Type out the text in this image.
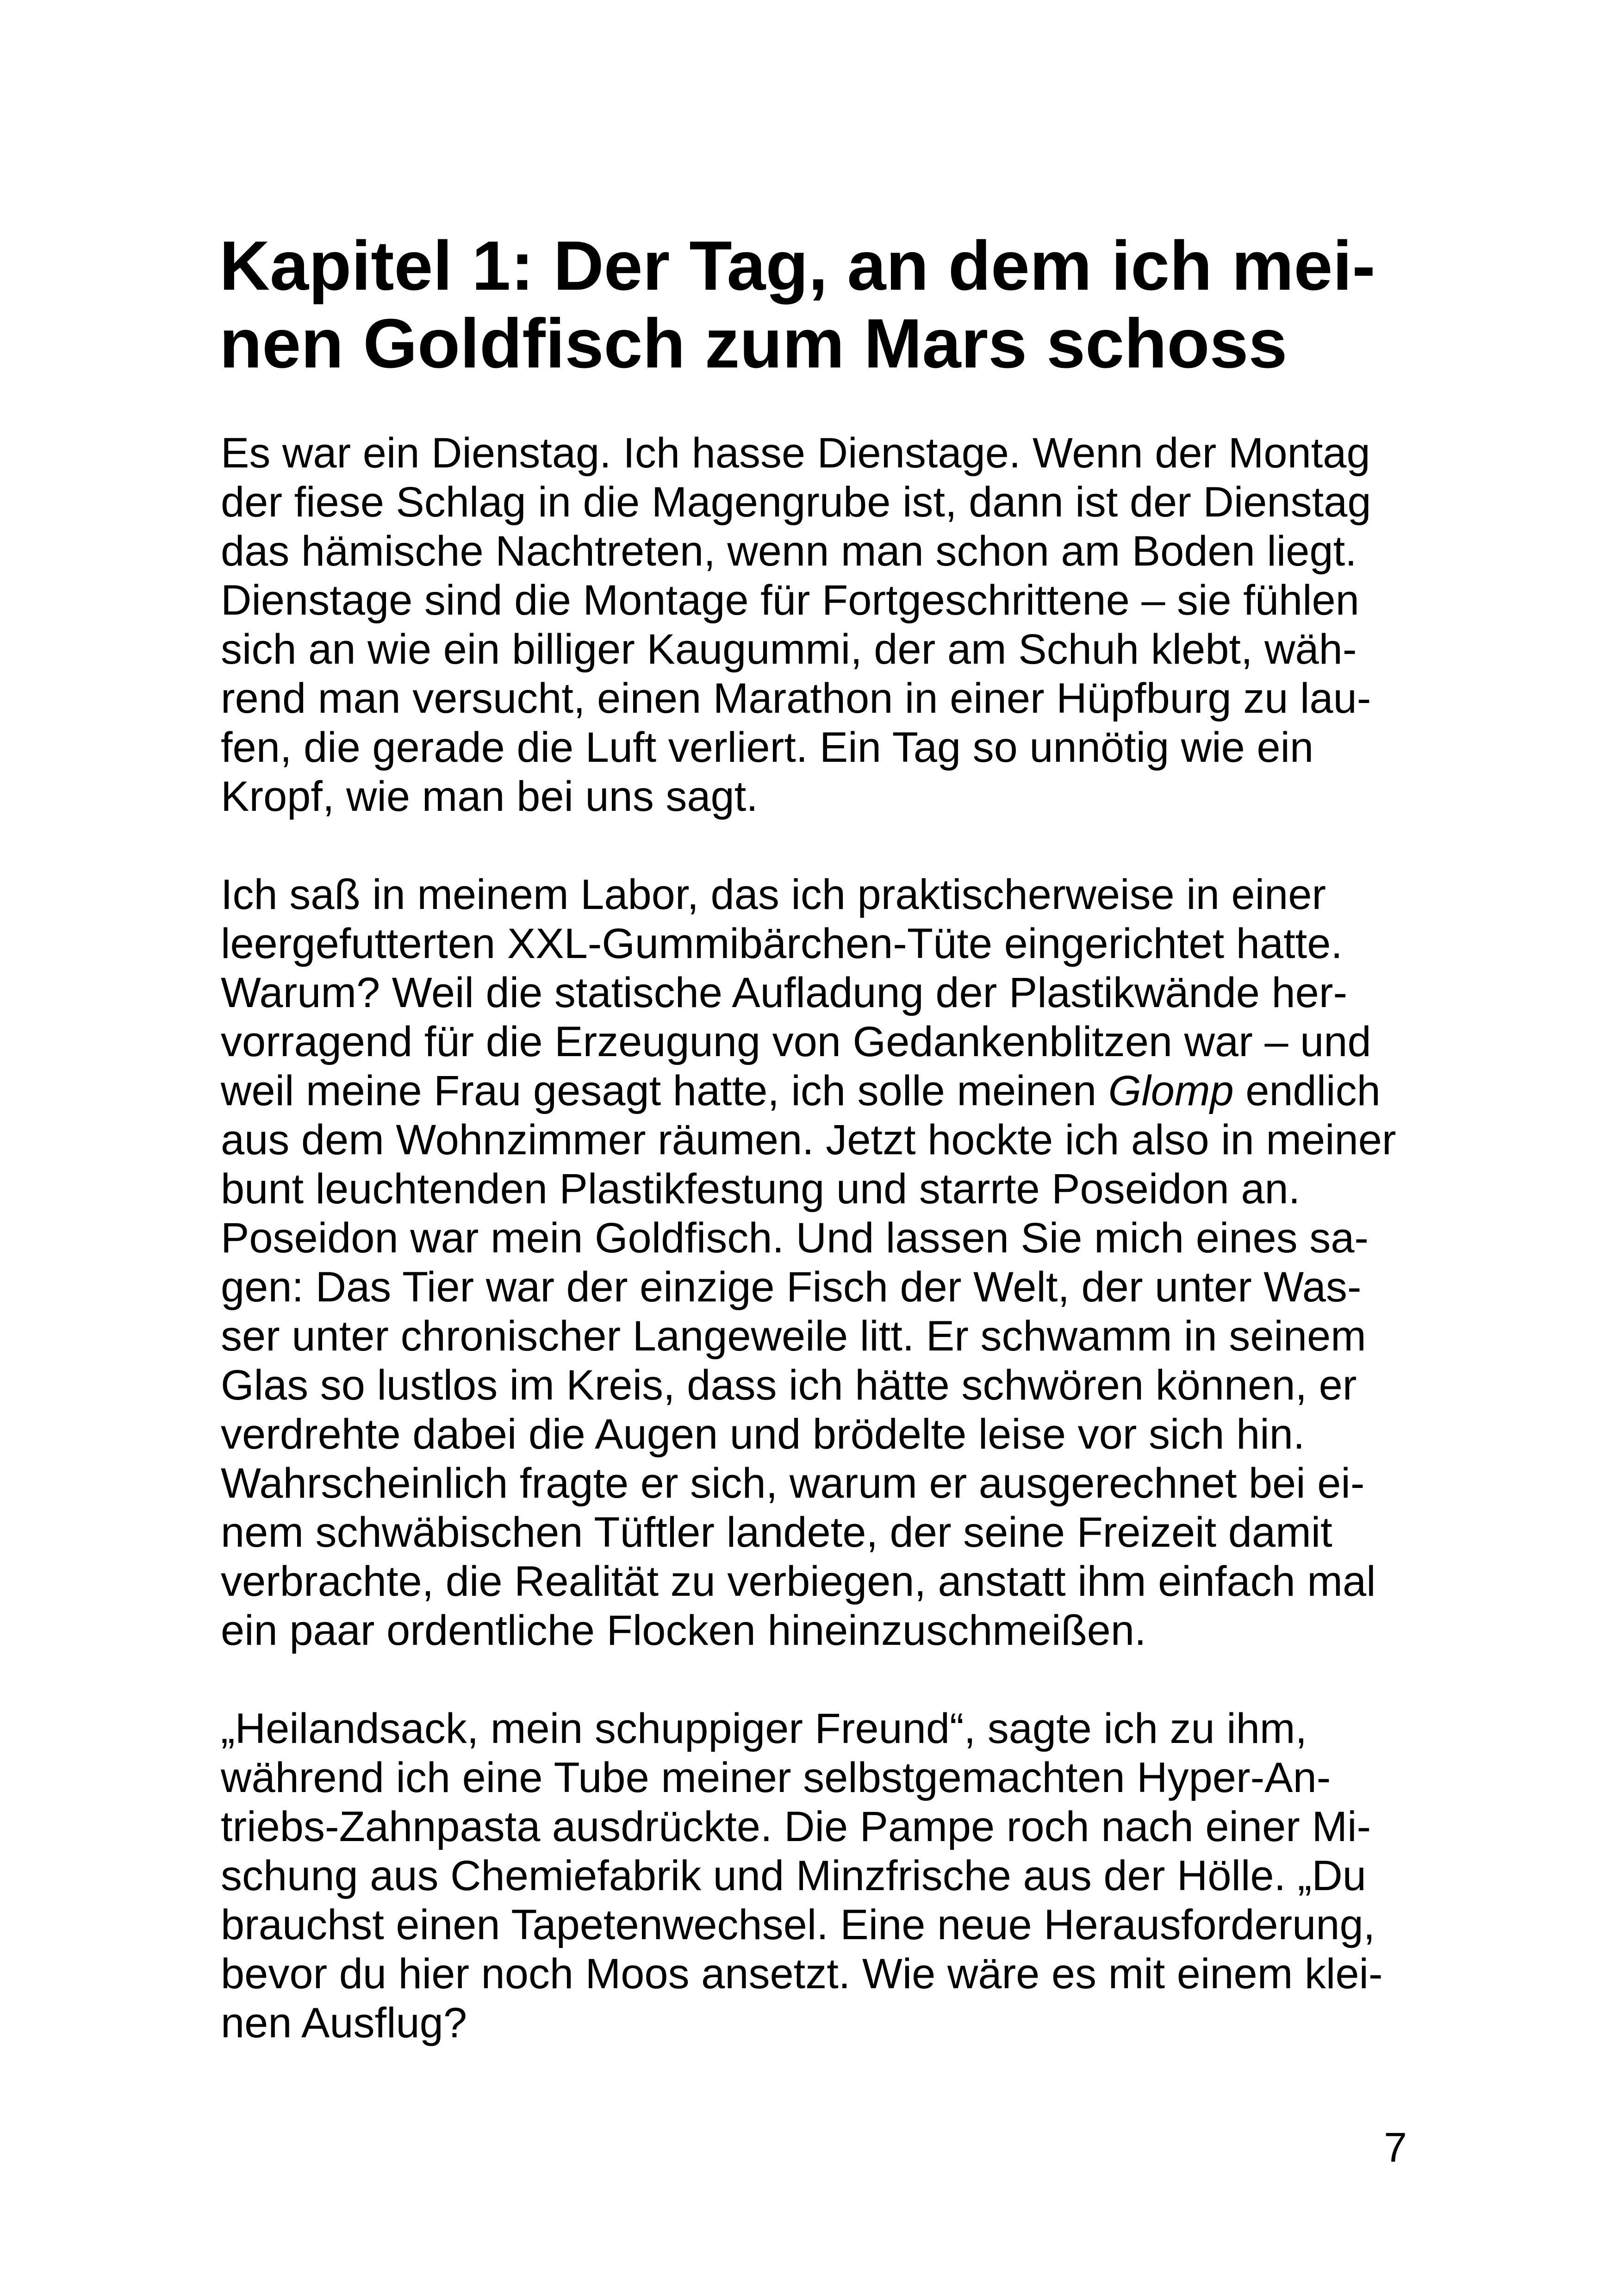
Kapitel 1: Der Tag, an dem ich mei-
nen Goldfisch zum Mars schoss

Es war ein Dienstag. Ich hasse Dienstage. Wenn der Montag
der fiese Schlag in die Magengrube ist, dann ist der Dienstag
das hämische Nachtreten, wenn man schon am Boden liegt.
Dienstage sind die Montage für Fortgeschrittene – sie fühlen
sich an wie ein billiger Kaugummi, der am Schuh klebt, wäh-
rend man versucht, einen Marathon in einer Hüpfburg zu lau-
fen, die gerade die Luft verliert. Ein Tag so unnötig wie ein
Kropf, wie man bei uns sagt.

Ich saß in meinem Labor, das ich praktischerweise in einer
leergefutterten XXL-Gummibärchen-Tüte eingerichtet hatte.
Warum? Weil die statische Aufladung der Plastikwände her-
vorragend für die Erzeugung von Gedankenblitzen war – und
weil meine Frau gesagt hatte, ich solle meinen Glomp endlich
aus dem Wohnzimmer räumen. Jetzt hockte ich also in meiner
bunt leuchtenden Plastikfestung und starrte Poseidon an.
Poseidon war mein Goldfisch. Und lassen Sie mich eines sa-
gen: Das Tier war der einzige Fisch der Welt, der unter Was-
ser unter chronischer Langeweile litt. Er schwamm in seinem
Glas so lustlos im Kreis, dass ich hätte schwören können, er
verdrehte dabei die Augen und brödelte leise vor sich hin.
Wahrscheinlich fragte er sich, warum er ausgerechnet bei ei-
nem schwäbischen Tüftler landete, der seine Freizeit damit
verbrachte, die Realität zu verbiegen, anstatt ihm einfach mal
ein paar ordentliche Flocken hineinzuschmeißen.

„Heilandsack, mein schuppiger Freund“, sagte ich zu ihm,
während ich eine Tube meiner selbstgemachten Hyper-An-
triebs-Zahnpasta ausdrückte. Die Pampe roch nach einer Mi-
schung aus Chemiefabrik und Minzfrische aus der Hölle. „Du
brauchst einen Tapetenwechsel. Eine neue Herausforderung,
bevor du hier noch Moos ansetzt. Wie wäre es mit einem klei-
nen Ausflug?

7
